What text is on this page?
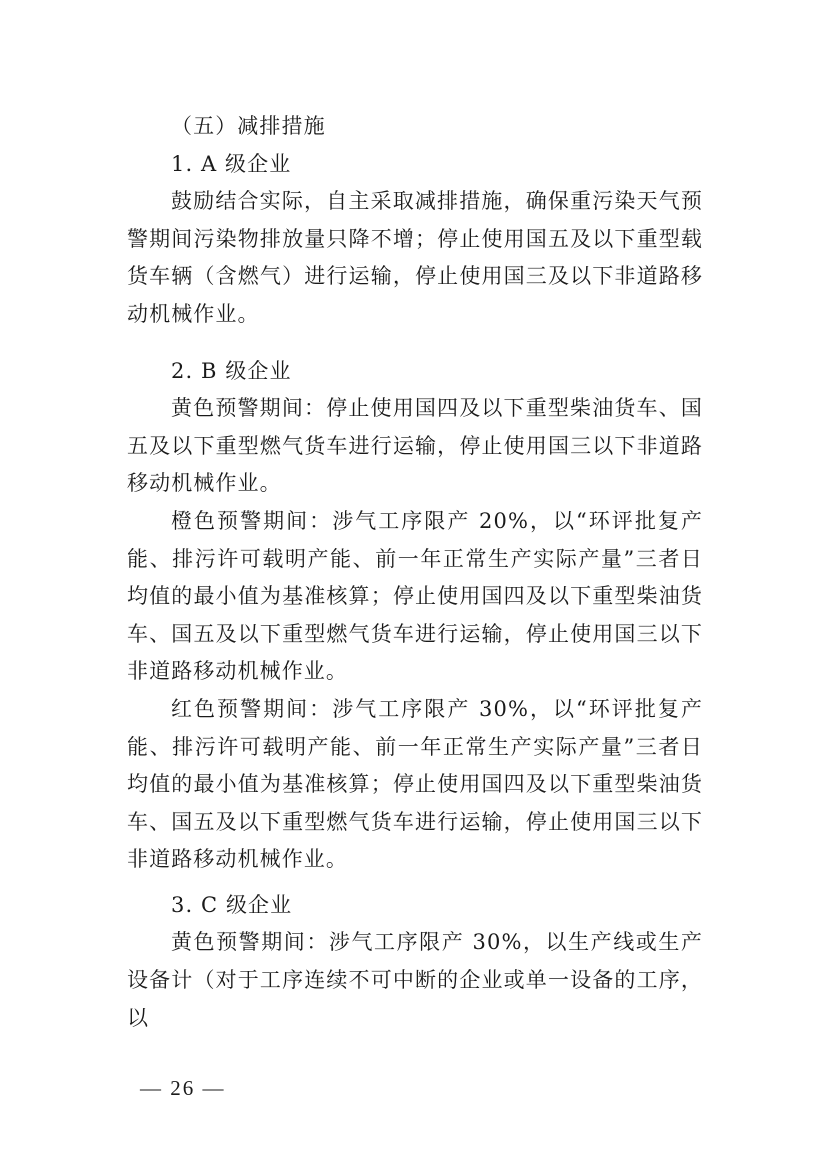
（五）减排措施

1. A 级企业

鼓励结合实际，自主采取减排措施，确保重污染天气预警期间污染物排放量只降不增；停止使用国五及以下重型载货车辆（含燃气）进行运输，停止使用国三及以下非道路移动机械作业。

2. B 级企业

黄色预警期间：停止使用国四及以下重型柴油货车、国五及以下重型燃气货车进行运输，停止使用国三以下非道路移动机械作业。

橙色预警期间：涉气工序限产 20%，以“环评批复产能、排污许可载明产能、前一年正常生产实际产量”三者日均值的最小值为基准核算；停止使用国四及以下重型柴油货车、国五及以下重型燃气货车进行运输，停止使用国三以下非道路移动机械作业。

红色预警期间：涉气工序限产 30%，以“环评批复产能、排污许可载明产能、前一年正常生产实际产量”三者日均值的最小值为基准核算；停止使用国四及以下重型柴油货车、国五及以下重型燃气货车进行运输，停止使用国三以下非道路移动机械作业。

3. C 级企业

黄色预警期间：涉气工序限产 30%，以生产线或生产设备计（对于工序连续不可中断的企业或单一设备的工序，以

— 26 —
